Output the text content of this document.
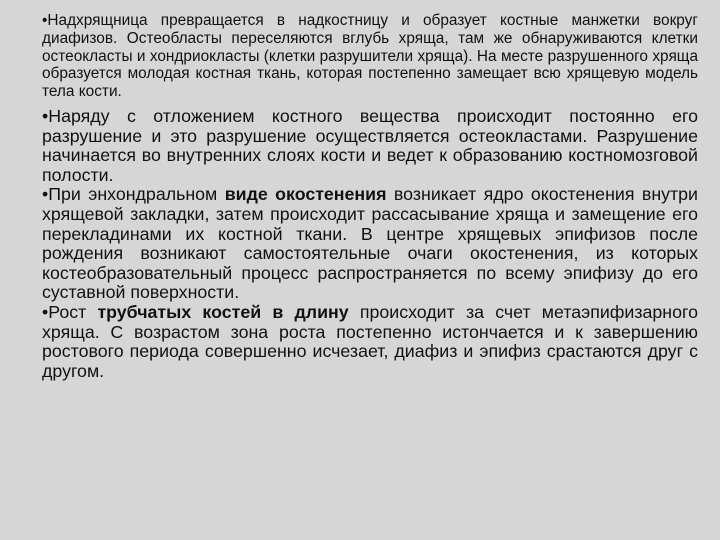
•Надхрящница превращается в надкостницу и образует костные манжетки вокруг диафизов. Остеобласты переселяются вглубь хряща, там же обнаруживаются клетки остеокласты и хондриокласты (клетки разрушители хряща). На месте разрушенного хряща образуется молодая костная ткань, которая постепенно замещает всю хрящевую модель тела кости.

•Наряду с отложением костного вещества происходит постоянно его разрушение и это разрушение осуществляется остеокластами. Разрушение начинается во внутренних слоях кости и ведет к образованию костномозговой полости.

•При энхондральном виде окостенения возникает ядро окостенения внутри хрящевой закладки, затем происходит рассасывание хряща и замещение его перекладинами их костной ткани. В центре хрящевых эпифизов после рождения возникают самостоятельные очаги окостенения, из которых костеобразовательный процесс распространяется по всему эпифизу до его суставной поверхности.

•Рост трубчатых костей в длину происходит за счет метаэпифизарного хряща. С возрастом зона роста постепенно истончается и к завершению ростового периода совершенно исчезает, диафиз и эпифиз срастаются друг с другом.
